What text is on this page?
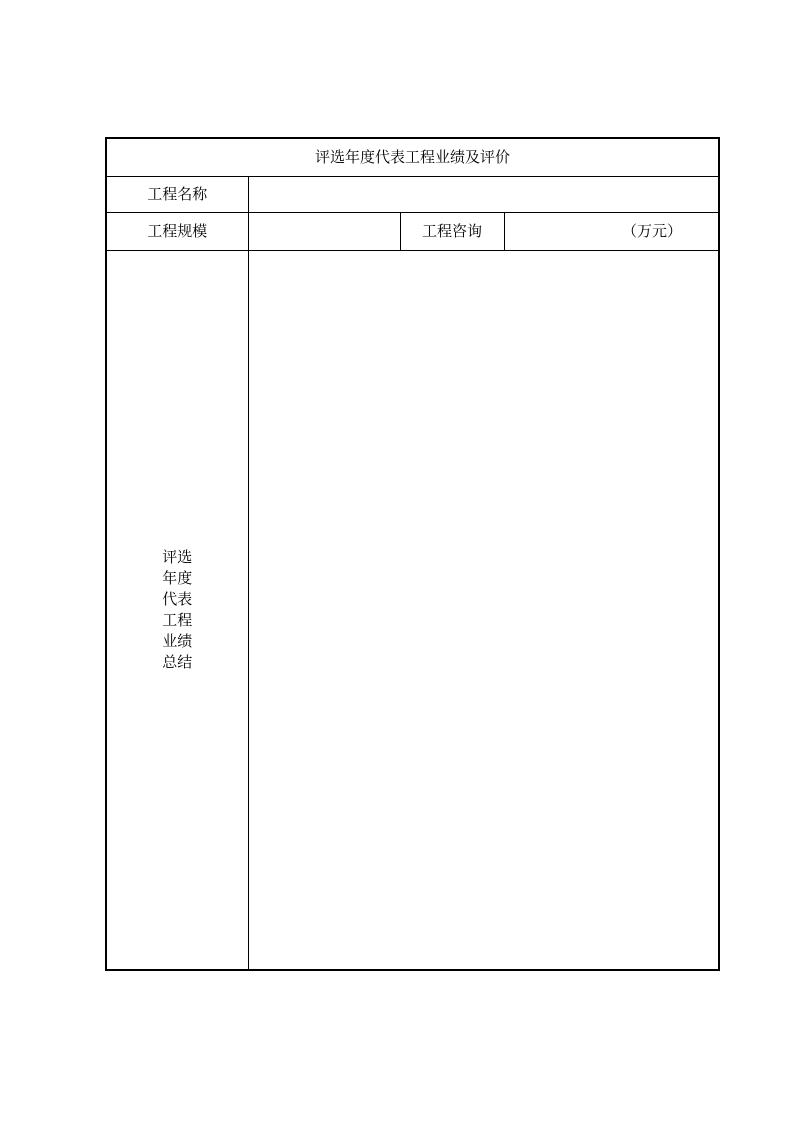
评选年度代表工程业绩及评价			
工程名称			
工程规模		工程咨询	（万元）
评选年度代表工程业绩总结			
